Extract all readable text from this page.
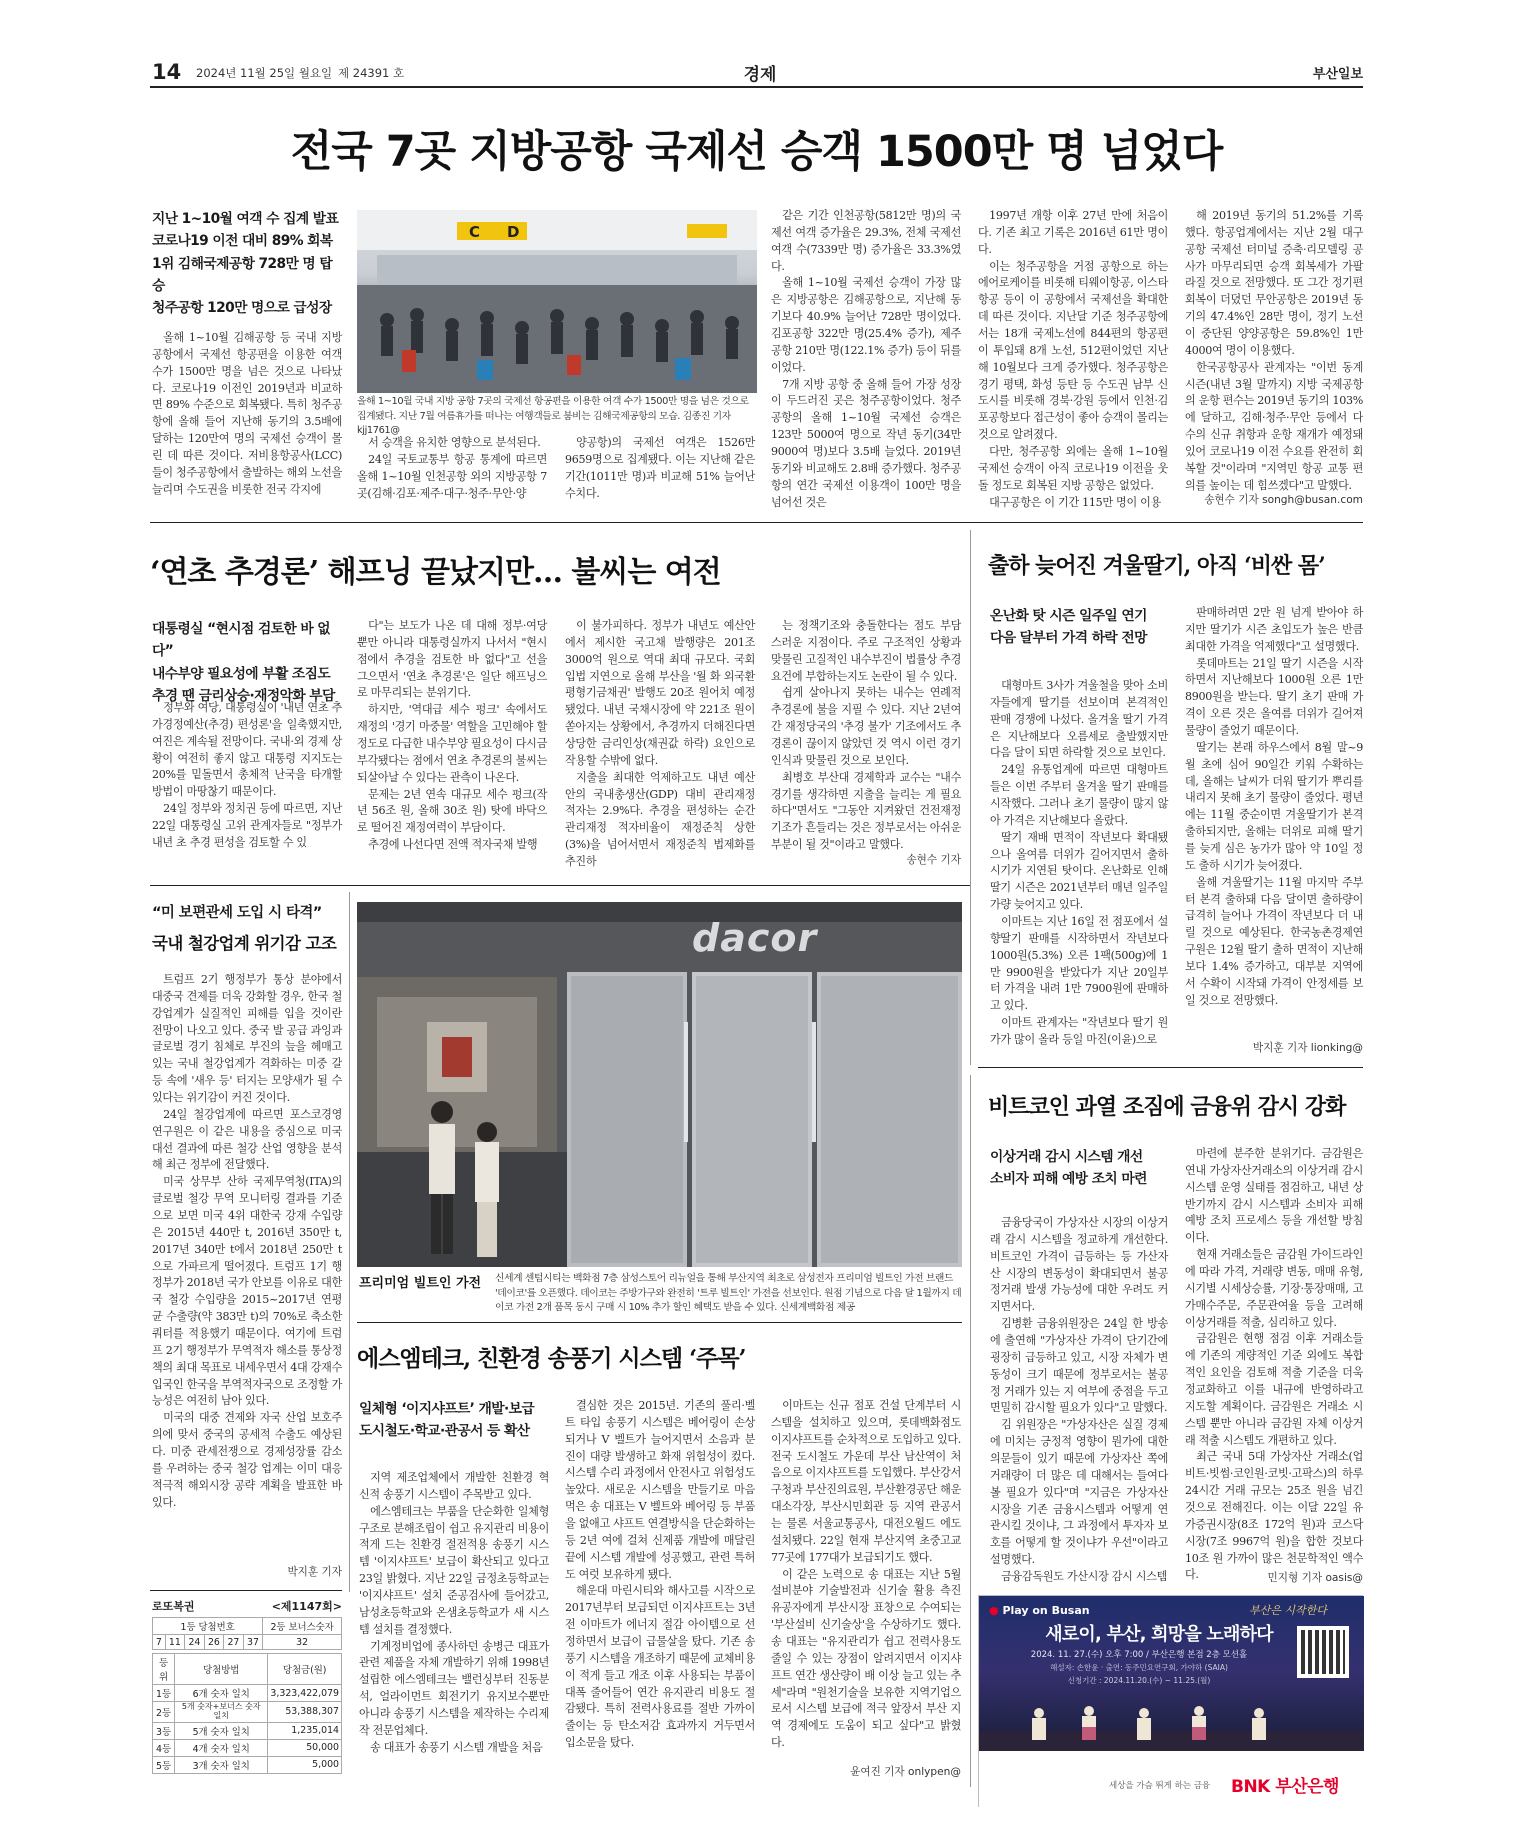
14 2024년 11월 25일 월요일 제 24391 호	경제	부산일보
전국 7곳 지방공항 국제선 승객 1500만 명 넘었다
지난 1~10월 여객 수 집계 발표
코로나19 이전 대비 89% 회복
1위 김해국제공항 728만 명 탑승
청주공항 120만 명으로 급성장

올해 1~10월 김해공항 등 국내 지방공항에서 국제선 항공편을 이용한 여객 수가 1500만 명을 넘은 것으로 나타났다. 코로나19 이전인 2019년과 비교하면 89% 수준으로 회복됐다. 특히 청주공항에 올해 들어 지난해 동기의 3.5배에 달하는 120만여 명의 국제선 승객이 몰린 데 따른 것이다. 저비용항공사(LCC)들이 청주공항에서 출발하는 해외 노선을 늘리며 수도권을 비롯한 전국 각지에

C D
올해 1~10월 국내 지방 공항 7곳의 국제선 항공편을 이용한 여객 수가 1500만 명을 넘은 것으로 집계됐다. 지난 7월 여름휴가를 떠나는 여행객들로 붐비는 김해국제공항의 모습. 김종진 기자 kjj1761@

서 승객을 유치한 영향으로 분석된다.

24일 국토교통부 항공 통계에 따르면 올해 1~10월 인천공항 외의 지방공항 7곳(김해·김포·제주·대구·청주·무안·양

양공항)의 국제선 여객은 1526만 9659명으로 집계됐다. 이는 지난해 같은 기간(1011만 명)과 비교해 51% 늘어난 수치다.

같은 기간 인천공항(5812만 명)의 국제선 여객 증가율은 29.3%, 전체 국제선 여객 수(7339만 명) 증가율은 33.3%였다.

올해 1~10월 국제선 승객이 가장 많은 지방공항은 김해공항으로, 지난해 동기보다 40.9% 늘어난 728만 명이었다. 김포공항 322만 명(25.4% 증가), 제주공항 210만 명(122.1% 증가) 등이 뒤를 이었다.

7개 지방 공항 중 올해 들어 가장 성장이 두드러진 곳은 청주공항이었다. 청주공항의 올해 1~10월 국제선 승객은 123만 5000여 명으로 작년 동기(34만 9000여 명)보다 3.5배 늘었다. 2019년 동기와 비교해도 2.8배 증가했다. 청주공항의 연간 국제선 이용객이 100만 명을 넘어선 것은

1997년 개항 이후 27년 만에 처음이다. 기존 최고 기록은 2016년 61만 명이다.

이는 청주공항을 거점 공항으로 하는 에어로케이를 비롯해 티웨이항공, 이스타항공 등이 이 공항에서 국제선을 확대한 데 따른 것이다. 지난달 기준 청주공항에서는 18개 국제노선에 844편의 항공편이 투입돼 8개 노선, 512편이었던 지난해 10월보다 크게 증가했다. 청주공항은 경기 평택, 화성 등탄 등 수도권 남부 신도시를 비롯해 경북·강원 등에서 인천·김포공항보다 접근성이 좋아 승객이 몰리는 것으로 알려졌다.

다만, 청주공항 외에는 올해 1~10월 국제선 승객이 아직 코로나19 이전을 웃돌 정도로 회복된 지방 공항은 없었다.

대구공항은 이 기간 115만 명이 이용

해 2019년 동기의 51.2%를 기록했다. 항공업계에서는 지난 2월 대구공항 국제선 터미널 증축·리모델링 공사가 마무리되면 승객 회복세가 가팔라질 것으로 전망했다. 또 그간 정기편 회복이 더뎠던 무안공항은 2019년 동기의 47.4%인 28만 명이, 정기 노선이 중단된 양양공항은 59.8%인 1만 4000여 명이 이용했다.

한국공항공사 관계자는 "이번 동계 시즌(내년 3월 말까지) 지방 국제공항의 운항 편수는 2019년 동기의 103%에 달하고, 김해·청주·무안 등에서 다수의 신규 취항과 운항 재개가 예정돼 있어 코로나19 이전 수요를 완전히 회복할 것"이라며 "지역민 항공 교통 편의를 높이는 데 힘쓰겠다"고 말했다.

송현수 기자 songh@busan.com
‘연초 추경론’ 해프닝 끝났지만… 불씨는 여전
대통령실 “현시점 검토한 바 없다”
내수부양 필요성에 부활 조짐도
추경 땐 금리상승·재정악화 부담

정부와 여당, 대통령실이 '내년 연초 추가경정예산(추경) 편성론'을 일축했지만, 여진은 계속될 전망이다. 국내·외 경제 상황이 여전히 좋지 않고 대통령 지지도는 20%를 밑돌면서 총체적 난국을 타개할 방법이 마땅찮기 때문이다.

24일 정부와 정치권 등에 따르면, 지난 22일 대통령실 고위 관계자들로 "정부가 내년 초 추경 편성을 검토할 수 있

다"는 보도가 나온 데 대해 정부·여당 뿐만 아니라 대통령실까지 나서서 "현시점에서 추경을 검토한 바 없다"고 선을 그으면서 '연초 추경론'은 일단 해프닝으로 마무리되는 분위기다.

하지만, '역대급 세수 펑크' 속에서도 재정의 '경기 마중물' 역할을 고민해야 할 정도로 다급한 내수부양 필요성이 다시금 부각됐다는 점에서 연초 추경론의 불씨는 되살아날 수 있다는 관측이 나온다.

문제는 2년 연속 대규모 세수 펑크(작년 56조 원, 올해 30조 원) 탓에 바닥으로 떨어진 재정여력이 부담이다.

추경에 나선다면 전액 적자국채 발행

이 불가피하다. 정부가 내년도 예산안에서 제시한 국고채 발행량은 201조 3000억 원으로 역대 최대 규모다. 국회 입법 지연으로 올해 부산을 '월 화 외국환평형기금채권' 발행도 20조 원어치 예정됐었다. 내년 국채시장에 약 221조 원이 쏟아지는 상황에서, 추경까지 더해진다면 상당한 금리인상(채권값 하락) 요인으로 작용할 수밖에 없다.

지출을 최대한 억제하고도 내년 예산안의 국내총생산(GDP) 대비 관리재정 적자는 2.9%다. 추경을 편성하는 순간 관리재정 적자비율이 재정준칙 상한(3%)을 넘어서면서 재정준칙 법제화를 추진하

는 정책기조와 충돌한다는 점도 부담스러운 지점이다. 주로 구조적인 상황과 맞물린 고질적인 내수부진이 법률상 추경 요건에 부합하는지도 논란이 될 수 있다.

쉽게 살아나지 못하는 내수는 연례적 추경론에 불을 지필 수 있다. 지난 2년여간 재정당국의 '추경 불가' 기조에서도 추경론이 끊이지 않았던 것 역시 이런 경기인식과 맞물린 것으로 보인다.

최병호 부산대 경제학과 교수는 "내수경기를 생각하면 지출을 늘리는 게 필요하다"면서도 "그동안 지켜왔던 건전재정 기조가 흔들리는 것은 정부로서는 아쉬운 부분이 될 것"이라고 말했다.

송현수 기자
출하 늦어진 겨울딸기, 아직 ‘비싼 몸’
온난화 탓 시즌 일주일 연기
다음 달부터 가격 하락 전망

대형마트 3사가 겨울철을 맞아 소비자들에게 딸기를 선보이며 본격적인 판매 경쟁에 나섰다. 올겨울 딸기 가격은 지난해보다 오름세로 출발했지만 다음 달이 되면 하락할 것으로 보인다.

24일 유통업계에 따르면 대형마트들은 이번 주부터 올겨울 딸기 판매를 시작했다. 그러나 초기 물량이 많지 않아 가격은 지난해보다 올랐다.

딸기 재배 면적이 작년보다 확대됐으나 올여름 더위가 길어지면서 출하 시기가 지연된 탓이다. 온난화로 인해 딸기 시즌은 2021년부터 매년 일주일 가량 늦어지고 있다.

이마트는 지난 16일 전 점포에서 설향딸기 판매를 시작하면서 작년보다 1000원(5.3%) 오른 1팩(500g)에 1만 9900원을 받았다가 지난 20일부터 가격을 내려 1만 7900원에 판매하고 있다.

이마트 관계자는 "작년보다 딸기 원가가 많이 올라 등일 마진(이윤)으로

판매하려면 2만 원 넘게 받아야 하지만 딸기가 시즌 초입도가 높은 반큼 최대한 가격을 억제했다"고 설명했다.

롯데마트는 21일 딸기 시즌을 시작하면서 지난해보다 1000원 오른 1만 8900원을 받는다. 딸기 초기 판매 가격이 오른 것은 올여름 더위가 길어져 물량이 줄었기 때문이다.

딸기는 본래 하우스에서 8월 말~9월 초에 심어 90일간 키워 수확하는데, 올해는 날씨가 더워 딸기가 뿌리를 내리지 못해 초기 물량이 줄었다. 평년에는 11월 중순이면 겨울딸기가 본격 출하되지만, 올해는 더위로 피해 딸기를 늦게 심은 농가가 많아 약 10일 정도 출하 시기가 늦어졌다.

올해 겨울딸기는 11월 마지막 주부터 본격 출하돼 다음 달이면 출하량이 급격히 늘어나 가격이 작년보다 더 내릴 것으로 예상된다. 한국농촌경제연구원은 12월 딸기 출하 면적이 지난해보다 1.4% 증가하고, 대부분 지역에서 수확이 시작돼 가격이 안정세를 보일 것으로 전망했다.

박지훈 기자 lionking@
“미 보편관세 도입 시 타격”
국내 철강업계 위기감 고조

트럼프 2기 행정부가 통상 분야에서 대중국 견제를 더욱 강화할 경우, 한국 철강업계가 실질적인 피해를 입을 것이란 전망이 나오고 있다. 중국 발 공급 과잉과 글로벌 경기 침체로 부진의 늪을 헤매고 있는 국내 철강업계가 격화하는 미중 갈등 속에 '새우 등' 터지는 모양새가 될 수 있다는 위기감이 커진 것이다.

24일 철강업계에 따르면 포스코경영연구원은 이 같은 내용을 중심으로 미국 대선 결과에 따른 철강 산업 영향을 분석해 최근 정부에 전달했다.

미국 상무부 산하 국제무역청(ITA)의 글로벌 철강 무역 모니터링 결과를 기준으로 보면 미국 4위 대한국 강재 수입량은 2015년 440만 t, 2016년 350만 t, 2017년 340만 t에서 2018년 250만 t 으로 가파르게 떨어졌다. 트럼프 1기 행정부가 2018년 국가 안보를 이유로 대한국 철강 수입량을 2015~2017년 연평균 수출량(약 383만 t)의 70%로 축소한 쿼터를 적용했기 때문이다. 여기에 트럼프 2기 행정부가 무역적자 해소를 통상정책의 최대 목표로 내세우면서 4대 강재수입국인 한국을 부역적자국으로 조정할 가능성은 여전히 남아 있다.

미국의 대중 견제와 자국 산업 보호주의에 맞서 중국의 공세적 수출도 예상된다. 미중 관세전쟁으로 경제성장률 감소를 우려하는 중국 철강 업계는 이미 대응 적극적 해외시장 공략 계획을 발표한 바 있다.

박지훈 기자
dacor
프리미엄 빌트인 가전	신세계 센텀시티는 백화점 7층 삼성스토어 리뉴얼을 통해 부산지역 최초로 삼성전자 프리미엄 빌트인 가전 브랜드 '데이코'를 오픈했다. 데이코는 주방가구와 완전히 '트루 빌트인' 가전을 선보인다. 원점 기념으로 다음 달 1월까지 데이코 가전 2개 품목 동시 구매 시 10% 추가 할인 혜택도 받을 수 있다. 신세계백화점 제공
에스엠테크, 친환경 송풍기 시스템 ‘주목’
일체형 ‘이지샤프트’ 개발·보급
도시철도·학교·관공서 등 확산

지역 제조업체에서 개발한 친환경 혁신적 송풍기 시스템이 주목받고 있다.

에스엠테크는 부품을 단순화한 일체형 구조로 분해조립이 쉽고 유지관리 비용이 적게 드는 친환경 절전적용 송풍기 시스템 '이지샤프트' 보급이 확산되고 있다고 23일 밝혔다. 지난 22일 금정초등학교는 '이지샤프트' 설치 준공검사에 들어갔고, 남성초등학교와 온샘초등학교가 새 시스템 설치를 결정했다.

기계정비업에 종사하던 송병근 대표가 관련 제품을 자체 개발하기 위해 1998년 설립한 에스엠테크는 밸런싱부터 진동분석, 얼라이먼트 회전기기 유지보수뿐만 아니라 송풍기 시스템을 제작하는 수리제작 전문업체다.

송 대표가 송풍기 시스템 개발을 처음

결심한 것은 2015년. 기존의 풀리·벨트 타입 송풍기 시스템은 베어링이 손상되거나 V 벨트가 늘어지면서 소음과 분진이 대량 발생하고 화재 위험성이 컸다. 시스템 수리 과정에서 안전사고 위험성도 높았다. 새로운 시스템을 만들기로 마음먹은 송 대표는 V 벨트와 베어링 등 부품을 없애고 샤프트 연결방식을 단순화하는 등 2년 여에 걸쳐 신제품 개발에 매달린 끝에 시스템 개발에 성공했고, 관련 특허도 여럿 보유하게 됐다.

해운대 마린시티와 해사고를 시작으로 2017년부터 보급되던 이지샤프트는 3년 전 이마트가 에너지 절감 아이템으로 선정하면서 보급이 급물살을 탔다. 기존 송풍기 시스템을 개조하기 때문에 교체비용이 적게 들고 개조 이후 사용되는 부품이 대폭 줄어들어 연간 유지관리 비용도 절감됐다. 특히 전력사용료를 절반 가까이 줄이는 등 탄소저감 효과까지 거두면서 입소문을 탔다.

이마트는 신규 점포 건설 단계부터 시스템을 설치하고 있으며, 롯데백화점도 이지샤프트를 순차적으로 도입하고 있다. 전국 도시철도 가운데 부산 남산역이 처음으로 이지샤프트를 도입했다. 부산강서구청과 부산진의료원, 부산환경공단 해운대소각장, 부산시민회관 등 지역 관공서는 물론 서울교통공사, 대전오월드 에도 설치됐다. 22일 현재 부산지역 초중고교 77곳에 177대가 보급되기도 했다.

이 같은 노력으로 송 대표는 지난 5월 설비분야 기술발전과 신기술 활용 측진 유공자에게 부산시장 표창으로 수여되는 '부산설비 신기술상'을 수상하기도 했다. 송 대표는 "유지관리가 쉽고 전력사용도 줄일 수 있는 장점이 알려지면서 이지샤프트 연간 생산량이 배 이상 늘고 있는 추세"라며 "원천기술을 보유한 지역기업으로서 시스템 보급에 적극 앞장서 부산 지역 경제에도 도움이 되고 싶다"고 밝혔다.

윤여진 기자 onlypen@
비트코인 과열 조짐에 금융위 감시 강화
이상거래 감시 시스템 개선
소비자 피해 예방 조치 마련

금융당국이 가상자산 시장의 이상거래 감시 시스템을 정교하게 개선한다. 비트코인 가격이 급등하는 등 가산자산 시장의 변동성이 확대되면서 불공정거래 발생 가능성에 대한 우려도 커지면서다.

김병환 금융위원장은 24일 한 방송에 출연해 "가상자산 가격이 단기간에 굉장히 급등하고 있고, 시장 자체가 변동성이 크기 때문에 정부로서는 불공정 거래가 있는 지 여부에 중점을 두고 면밀히 감시할 필요가 있다"고 말했다.

김 위원장은 "가상자산은 실질 경제에 미치는 긍정적 영향이 뭔가에 대한 의문들이 있기 때문에 가상자산 쪽에 거래량이 더 많은 데 대해서는 들여다볼 필요가 있다"며 "지금은 가상자산시장을 기존 금융시스템과 어떻게 연관시킬 것이냐, 그 과정에서 투자자 보호를 어떻게 할 것이냐가 우선"이라고 설명했다.

금융감독원도 가산시장 감시 시스템

마련에 분주한 분위기다. 금감원은 연내 가상자산거래소의 이상거래 감시 시스템 운영 실태를 점검하고, 내년 상반기까지 감시 시스템과 소비자 피해 예방 조치 프로세스 등을 개선할 방침이다.

현재 거래소들은 금감원 가이드라인에 따라 가격, 거래량 변동, 매매 유형, 시기별 시세상승률, 기장·통장매매, 고가매수주문, 주문관여율 등을 고려해 이상거래를 적출, 심리하고 있다.

금감원은 현행 점검 이후 거래소들에 기존의 계량적인 기준 외에도 복합적인 요인을 검토해 적출 기준을 더욱 정교화하고 이를 내규에 반영하라고 지도할 계획이다. 금감원은 거래소 시스템 뿐만 아니라 금감원 자체 이상거래 적출 시스템도 개편하고 있다.

최근 국내 5대 가상자산 거래소(업비트·빗썸·코인원·코빗·고팍스)의 하루 24시간 거래 규모는 25조 원을 넘긴 것으로 전해진다. 이는 이달 22일 유가증권시장(8조 172억 원)과 코스닥시장(7조 9967억 원)을 합한 것보다 10조 원 가까이 많은 천문학적인 액수다.	민지형 기자 oasis@
로또복권	<제1147회>
1등 당첨번호						2등 보너스숫자
7	11	24	26	27	37	32
등위	당첨방법	당첨금(원)
1등	6개 숫자 일치	3,323,422,079
2등	5개 숫자+보너스 숫자 일치	53,388,307
3등	5개 숫자 일치	1,235,014
4등	4개 숫자 일치	50,000
5등	3개 숫자 일치	5,000
● Play on Busan	부산은 시작한다
새로이, 부산, 희망을 노래하다
2024. 11. 27.(수) 오후 7:00 / 부산은행 본점 2층 모션홀
해설자: 손한윤 · 출연: 동주민요연구회, 가야하 (SAIA)
신청기간 : 2024.11.20.(수) ~ 11.25.(월)
세상을 가슴 뛰게 하는 금융 BNK 부산은행
